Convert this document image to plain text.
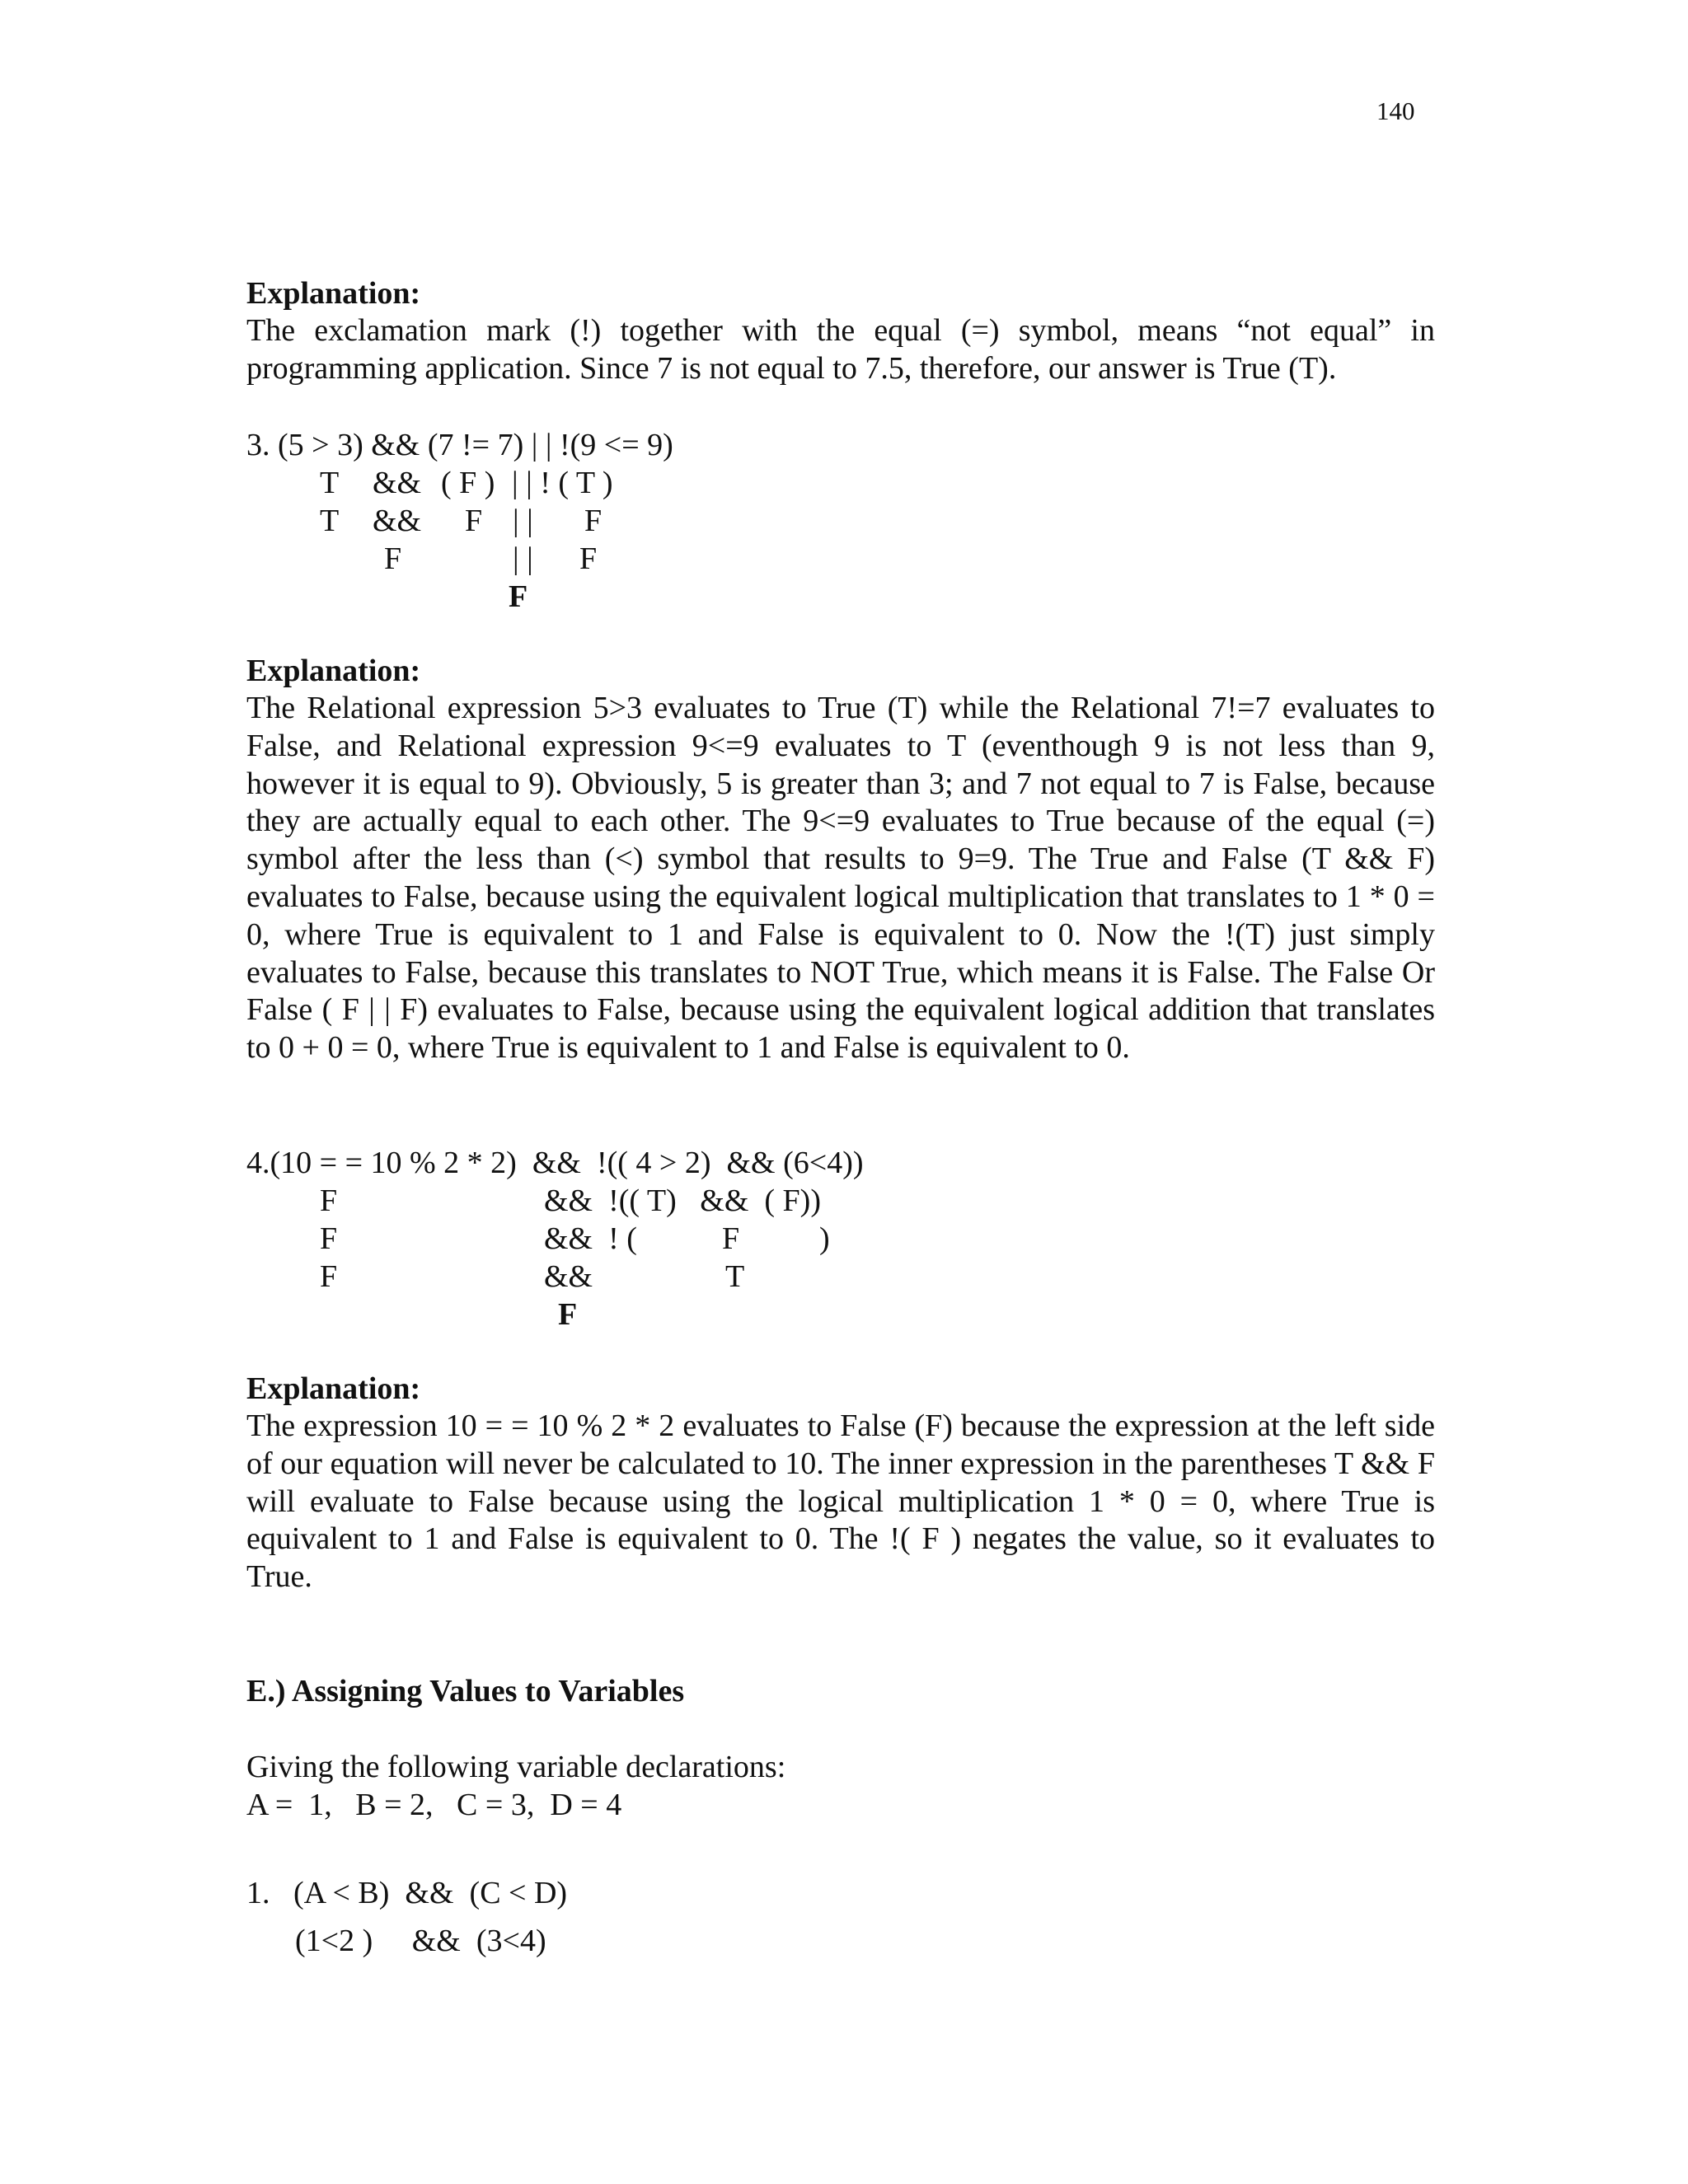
140
Explanation:
The exclamation mark (!) together with the equal (=) symbol, means “not equal” in programming application. Since 7 is not equal to 7.5, therefore, our answer is True (T).
3. (5 > 3) && (7 != 7) | | !(9 <= 9)
T && ( F ) | | ! ( T )
T && F | | F
F	| | F
F
Explanation:
The Relational expression 5>3 evaluates to True (T) while the Relational 7!=7 evaluates to False, and Relational expression 9<=9 evaluates to T (eventhough 9 is not less than 9, however it is equal to 9). Obviously, 5 is greater than 3; and 7 not equal to 7 is False, because they are actually equal to each other. The 9<=9 evaluates to True because of the equal (=) symbol after the less than (<) symbol that results to 9=9. The True and False (T && F) evaluates to False, because using the equivalent logical multiplication that translates to 1 * 0 = 0, where True is equivalent to 1 and False is equivalent to 0. Now the !(T) just simply evaluates to False, because this translates to NOT True, which means it is False. The False Or False ( F | | F) evaluates to False, because using the equivalent logical addition that translates to 0 + 0 = 0, where True is equivalent to 1 and False is equivalent to 0.
4.(10 = = 10 % 2 * 2)  &&  !(( 4 > 2)  && (6<4))
F	&&  !(( T)   &&  ( F))
F	&&  ! (	F	)
F	&&	T
F
Explanation:
The expression 10 = = 10 % 2 * 2 evaluates to False (F) because the expression at the left side of our equation will never be calculated to 10. The inner expression in the parentheses T && F will evaluate to False because using the logical multiplication 1 * 0 = 0, where True is equivalent to 1 and False is equivalent to 0. The !( F ) negates the value, so it evaluates to True.
E.) Assigning Values to Variables
Giving the following variable declarations:
A =  1,   B = 2,   C = 3,  D = 4
1.   (A < B)  &&  (C < D)
(1<2 )     &&  (3<4)
